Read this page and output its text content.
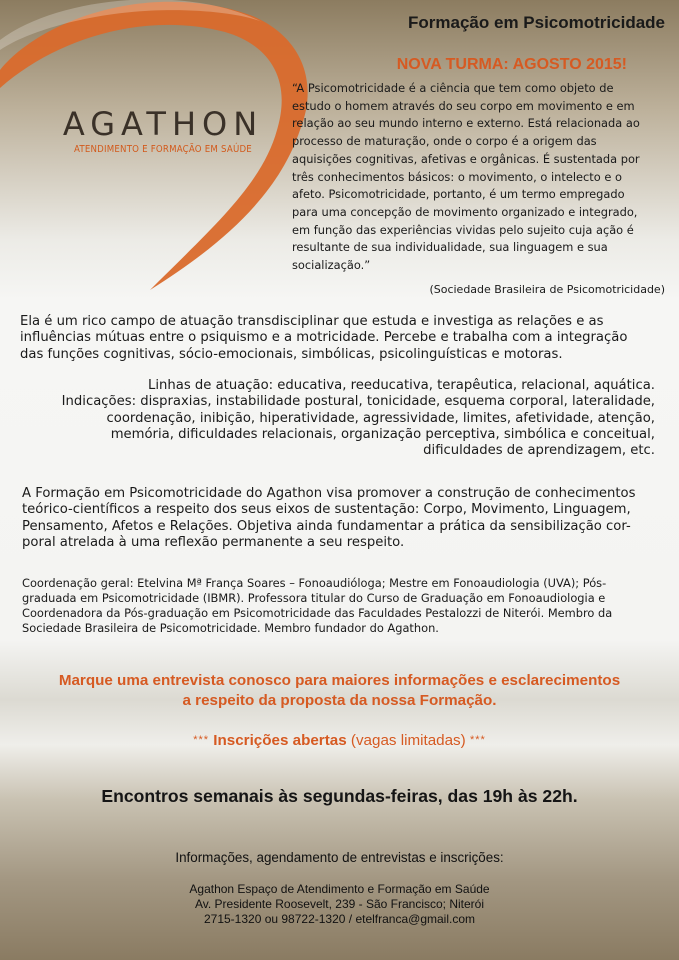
AGATHON
ATENDIMENTO E FORMAÇÃO EM SAÚDE
Formação em Psicomotricidade
NOVA TURMA: AGOSTO 2015!
“A Psicomotricidade é a ciência que tem como objeto de
estudo o homem através do seu corpo em movimento e em
relação ao seu mundo interno e externo. Está relacionada ao
processo de maturação, onde o corpo é a origem das
aquisições cognitivas, afetivas e orgânicas. É sustentada por
três conhecimentos básicos: o movimento, o intelecto e o
afeto. Psicomotricidade, portanto, é um termo empregado
para uma concepção de movimento organizado e integrado,
em função das experiências vividas pelo sujeito cuja ação é
resultante de sua individualidade, sua linguagem e sua
socialização.”
(Sociedade Brasileira de Psicomotricidade)
Ela é um rico campo de atuação transdisciplinar que estuda e investiga as relações e as
influências mútuas entre o psiquismo e a motricidade. Percebe e trabalha com a integração
das funções cognitivas, sócio-emocionais, simbólicas, psicolinguísticas e motoras.
Linhas de atuação: educativa, reeducativa, terapêutica, relacional, aquática.
Indicações: dispraxias, instabilidade postural, tonicidade, esquema corporal, lateralidade,
coordenação, inibição, hiperatividade, agressividade, limites, afetividade, atenção,
memória, dificuldades relacionais, organização perceptiva, simbólica e conceitual,
dificuldades de aprendizagem, etc.
A Formação em Psicomotricidade do Agathon visa promover a construção de conhecimentos
teórico-científicos a respeito dos seus eixos de sustentação: Corpo, Movimento, Linguagem,
Pensamento, Afetos e Relações. Objetiva ainda fundamentar a prática da sensibilização cor-
poral atrelada à uma reflexão permanente a seu respeito.
Coordenação geral: Etelvina Mª França Soares – Fonoaudióloga; Mestre em Fonoaudiologia (UVA); Pós-
graduada em Psicomotricidade (IBMR). Professora titular do Curso de Graduação em Fonoaudiologia e
Coordenadora da Pós-graduação em Psicomotricidade das Faculdades Pestalozzi de Niterói. Membro da
Sociedade Brasileira de Psicomotricidade. Membro fundador do Agathon.
Marque uma entrevista conosco para maiores informações e esclarecimentos
a respeito da proposta da nossa Formação.
*** Inscrições abertas (vagas limitadas) ***
Encontros semanais às segundas-feiras, das 19h às 22h.
Informações, agendamento de entrevistas e inscrições:
Agathon Espaço de Atendimento e Formação em Saúde
Av. Presidente Roosevelt, 239 - São Francisco; Niterói
2715-1320 ou 98722-1320 / etelfranca@gmail.com
